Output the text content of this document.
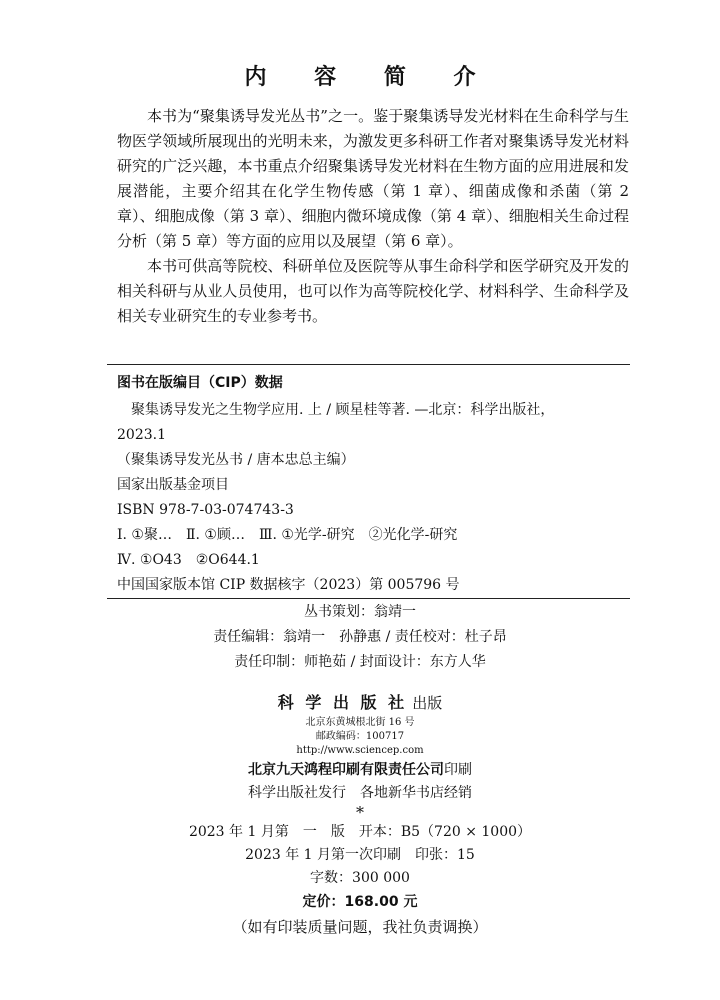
内 容 简 介

本书为“聚集诱导发光丛书”之一。鉴于聚集诱导发光材料在生命科学与生物医学领域所展现出的光明未来，为激发更多科研工作者对聚集诱导发光材料研究的广泛兴趣，本书重点介绍聚集诱导发光材料在生物方面的应用进展和发展潜能，主要介绍其在化学生物传感（第 1 章）、细菌成像和杀菌（第 2 章）、细胞成像（第 3 章）、细胞内微环境成像（第 4 章）、细胞相关生命过程分析（第 5 章）等方面的应用以及展望（第 6 章）。

本书可供高等院校、科研单位及医院等从事生命科学和医学研究及开发的相关科研与从业人员使用，也可以作为高等院校化学、材料科学、生命科学及相关专业研究生的专业参考书。

图书在版编目（CIP）数据
聚集诱导发光之生物学应用. 上 / 顾星桂等著. —北京：科学出版社，
2023.1
（聚集诱导发光丛书 / 唐本忠总主编）
国家出版基金项目
ISBN 978-7-03-074743-3
Ⅰ. ①聚…　Ⅱ. ①顾…　Ⅲ. ①光学-研究　②光化学-研究
Ⅳ. ①O43　②O644.1
中国国家版本馆 CIP 数据核字（2023）第 005796 号
丛书策划：翁靖一
责任编辑：翁靖一　孙静惠 / 责任校对：杜子昂
责任印制：师艳茹 / 封面设计：东方人华
科 学 出 版 社 出版
北京东黄城根北街 16 号
邮政编码：100717
http://www.sciencep.com
北京九天鸿程印刷有限责任公司印刷
科学出版社发行　各地新华书店经销
*
2023 年 1 月第　一　版　开本：B5（720 × 1000）
2023 年 1 月第一次印刷　印张：15
字数：300 000
定价：168.00 元
（如有印装质量问题，我社负责调换）
